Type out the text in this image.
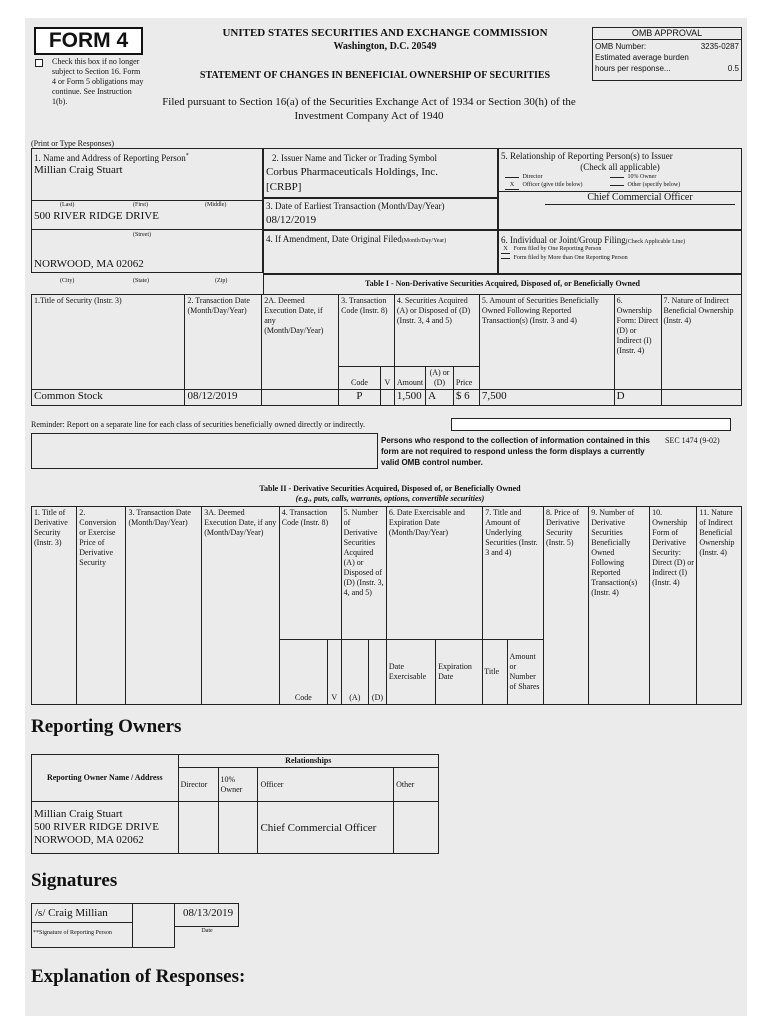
FORM 4
Check this box if no longer subject to Section 16. Form 4 or Form 5 obligations may continue. See Instruction 1(b).
UNITED STATES SECURITIES AND EXCHANGE COMMISSION
Washington, D.C. 20549
STATEMENT OF CHANGES IN BENEFICIAL OWNERSHIP OF SECURITIES
Filed pursuant to Section 16(a) of the Securities Exchange Act of 1934 or Section 30(h) of the Investment Company Act of 1940
OMB APPROVAL
OMB Number:	3235-0287
Estimated average burden
hours per response...	0.5
(Print or Type Responses)
1. Name and Address of Reporting Person*
Millian Craig Stuart
(Last)	(First)	(Middle)
500 RIVER RIDGE DRIVE
(Street)
NORWOOD, MA 02062
(City)	(State)	(Zip)
2. Issuer Name and Ticker or Trading Symbol
Corbus Pharmaceuticals Holdings, Inc.
[CRBP]
3. Date of Earliest Transaction (Month/Day/Year)
08/12/2019
4. If Amendment, Date Original Filed(Month/Day/Year)
5. Relationship of Reporting Person(s) to Issuer
(Check all applicable)
Director	10% Owner
X Officer (give title below)	Other (specify below)
Chief Commercial Officer
6. Individual or Joint/Group Filing(Check Applicable Line)
X Form filed by One Reporting Person
Form filed by More than One Reporting Person
Table I - Non-Derivative Securities Acquired, Disposed of, or Beneficially Owned
1.Title of Security (Instr. 3)	2. Transaction Date (Month/Day/Year)	2A. Deemed Execution Date, if any (Month/Day/Year)	3. Transaction Code (Instr. 8)		4. Securities Acquired (A) or Disposed of (D) (Instr. 3, 4 and 5)			5. Amount of Securities Beneficially Owned Following Reported Transaction(s) (Instr. 3 and 4)	6. Ownership Form: Direct (D) or Indirect (I) (Instr. 4)	7. Nature of Indirect Beneficial Ownership (Instr. 4)
			Code	V	Amount	(A) or (D)	Price			
Common Stock	08/12/2019		P		1,500	A	$ 6	7,500	D	
Reminder: Report on a separate line for each class of securities beneficially owned directly or indirectly.
Persons who respond to the collection of information contained in this form are not required to respond unless the form displays a currently valid OMB control number.
SEC 1474 (9-02)
Table II - Derivative Securities Acquired, Disposed of, or Beneficially Owned
(e.g., puts, calls, warrants, options, convertible securities)
1. Title of Derivative Security (Instr. 3)	2. Conversion or Exercise Price of Derivative Security	3. Transaction Date (Month/Day/Year)	3A. Deemed Execution Date, if any (Month/Day/Year)	4. Transaction Code (Instr. 8)		5. Number of Derivative Securities Acquired (A) or Disposed of (D) (Instr. 3, 4, and 5)		6. Date Exercisable and Expiration Date (Month/Day/Year)		7. Title and Amount of Underlying Securities (Instr. 3 and 4)		8. Price of Derivative Security (Instr. 5)	9. Number of Derivative Securities Beneficially Owned Following Reported Transaction(s) (Instr. 4)	10. Ownership Form of Derivative Security: Direct (D) or Indirect (I) (Instr. 4)	11. Nature of Indirect Beneficial Ownership (Instr. 4)
				Code	V	(A)	(D)	Date Exercisable	Expiration Date	Title	Amount or Number of Shares				
Reporting Owners
Reporting Owner Name / Address	Relationships			
	Director	10% Owner	Officer	Other

Millian Craig Stuart
500 RIVER RIDGE DRIVE
NORWOOD, MA 02062			Chief Commercial Officer	
Signatures
/s/ Craig Millian
**Signature of Reporting Person
08/13/2019
Date
Explanation of Responses:
